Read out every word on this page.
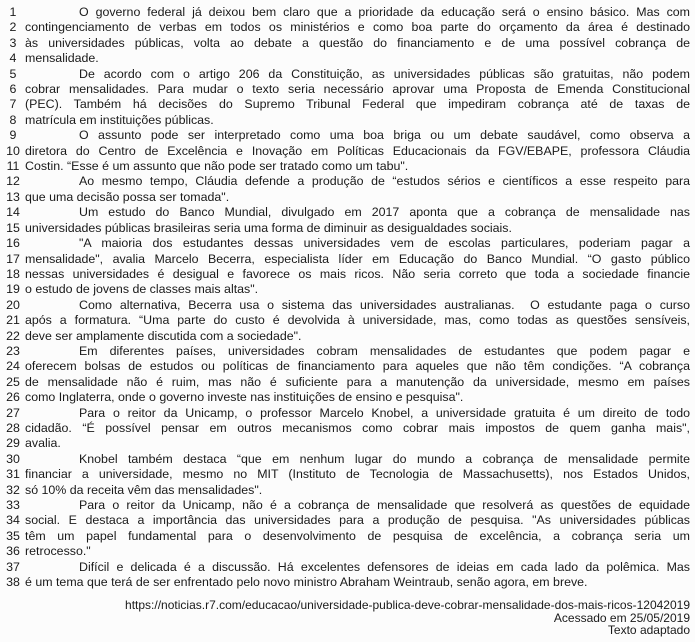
1	O governo federal já deixou bem claro que a prioridade da educação será o ensino básico. Mas com
2 contingenciamento de verbas em todos os ministérios e como boa parte do orçamento da área é destinado
3 às universidades públicas, volta ao debate a questão do financiamento e de uma possível cobrança de
4 mensalidade.
5	De acordo com o artigo 206 da Constituição, as universidades públicas são gratuitas, não podem
6 cobrar mensalidades. Para mudar o texto seria necessário aprovar uma Proposta de Emenda Constitucional
7 (PEC). Também há decisões do Supremo Tribunal Federal que impediram cobrança até de taxas de
8 matrícula em instituições públicas.
9	O assunto pode ser interpretado como uma boa briga ou um debate saudável, como observa a
10 diretora do Centro de Excelência e Inovação em Políticas Educacionais da FGV/EBAPE, professora Cláudia
11 Costin. “Esse é um assunto que não pode ser tratado como um tabu".
12	Ao mesmo tempo, Cláudia defende a produção de “estudos sérios e científicos a esse respeito para
13 que uma decisão possa ser tomada".
14	Um estudo do Banco Mundial, divulgado em 2017 aponta que a cobrança de mensalidade nas
15 universidades públicas brasileiras seria uma forma de diminuir as desigualdades sociais.
16	"A maioria dos estudantes dessas universidades vem de escolas particulares, poderiam pagar a
17 mensalidade", avalia Marcelo Becerra, especialista líder em Educação do Banco Mundial. “O gasto público
18 nessas universidades é desigual e favorece os mais ricos. Não seria correto que toda a sociedade financie
19 o estudo de jovens de classes mais altas".
20	Como alternativa, Becerra usa o sistema das universidades australianas.  O estudante paga o curso
21 após a formatura. “Uma parte do custo é devolvida à universidade, mas, como todas as questões sensíveis,
22 deve ser amplamente discutida com a sociedade".
23	Em diferentes países, universidades cobram mensalidades de estudantes que podem pagar e
24 oferecem bolsas de estudos ou políticas de financiamento para aqueles que não têm condições. “A cobrança
25 de mensalidade não é ruim, mas não é suficiente para a manutenção da universidade, mesmo em países
26 como Inglaterra, onde o governo investe nas instituições de ensino e pesquisa".
27	Para o reitor da Unicamp, o professor Marcelo Knobel, a universidade gratuita é um direito de todo
28 cidadão. “É possível pensar em outros mecanismos como cobrar mais impostos de quem ganha mais",
29 avalia.
30	Knobel também destaca “que em nenhum lugar do mundo a cobrança de mensalidade permite
31 financiar a universidade, mesmo no MIT (Instituto de Tecnologia de Massachusetts), nos Estados Unidos,
32 só 10% da receita vêm das mensalidades".
33	Para o reitor da Unicamp, não é a cobrança de mensalidade que resolverá as questões de equidade
34 social. E destaca a importância das universidades para a produção de pesquisa. "As universidades públicas
35 têm um papel fundamental para o desenvolvimento de pesquisa de excelência, a cobrança seria um
36 retrocesso."
37	Difícil e delicada é a discussão. Há excelentes defensores de ideias em cada lado da polêmica. Mas
38 é um tema que terá de ser enfrentado pelo novo ministro Abraham Weintraub, senão agora, em breve.
https://noticias.r7.com/educacao/universidade-publica-deve-cobrar-mensalidade-dos-mais-ricos-12042019
Acessado em 25/05/2019
Texto adaptado
